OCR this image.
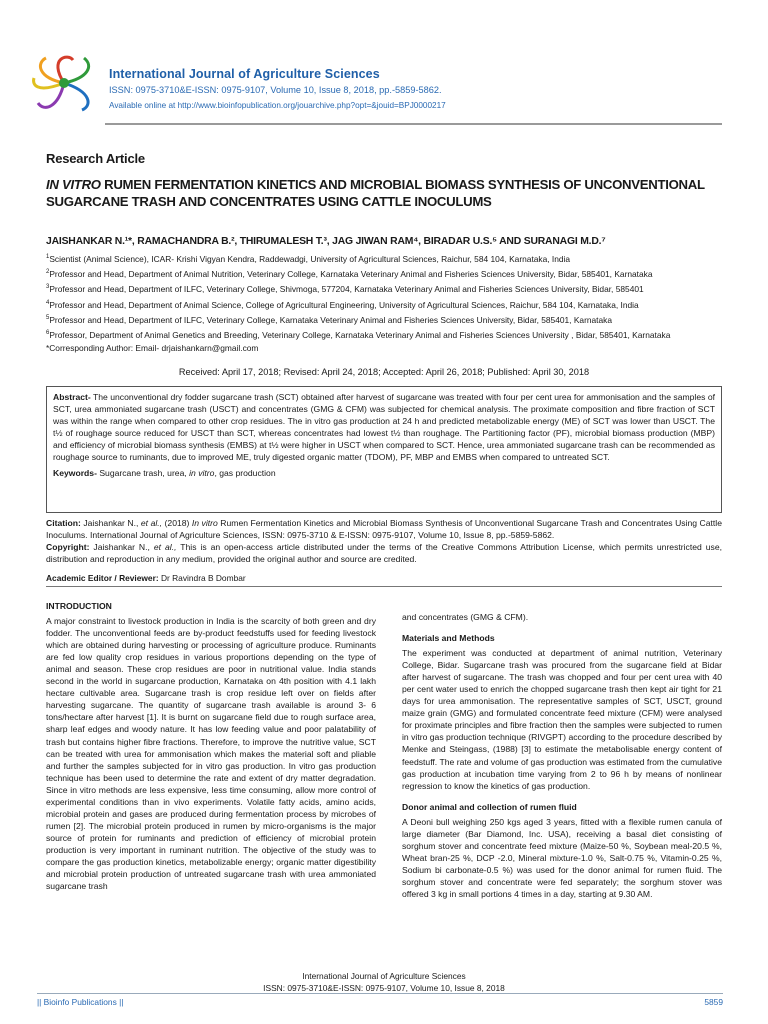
International Journal of Agriculture Sciences
ISSN: 0975-3710&E-ISSN: 0975-9107, Volume 10, Issue 8, 2018, pp.-5859-5862.
Available online at http://www.bioinfopublication.org/jouarchive.php?opt=&jouid=BPJ0000217
Research Article
IN VITRO RUMEN FERMENTATION KINETICS AND MICROBIAL BIOMASS SYNTHESIS OF UNCONVENTIONAL SUGARCANE TRASH AND CONCENTRATES USING CATTLE INOCULUMS
JAISHANKAR N.¹*, RAMACHANDRA B.², THIRUMALESH T.³, JAG JIWAN RAM⁴, BIRADAR U.S.⁵ AND SURANAGI M.D.⁷
$^1$Scientist (Animal Science), ICAR- Krishi Vigyan Kendra, Raddewadgi, University of Agricultural Sciences, Raichur, 584 104, Karnataka, India
$^2$Professor and Head, Department of Animal Nutrition, Veterinary College, Karnataka Veterinary Animal and Fisheries Sciences University, Bidar, 585401, Karnataka
$^3$Professor and Head, Department of ILFC, Veterinary College, Shivmoga, 577204, Karnataka Veterinary Animal and Fisheries Sciences University, Bidar, 585401
$^4$Professor and Head, Department of Animal Science, College of Agricultural Engineering, University of Agricultural Sciences, Raichur, 584 104, Karnataka, India
$^5$Professor and Head, Department of ILFC, Veterinary College, Karnataka Veterinary Animal and Fisheries Sciences University, Bidar, 585401, Karnataka
$^6$Professor, Department of Animal Genetics and Breeding, Veterinary College, Karnataka Veterinary Animal and Fisheries Sciences University , Bidar, 585401, Karnataka
*Corresponding Author: Email- drjaishankarn@gmail.com
Received: April 17, 2018; Revised: April 24, 2018; Accepted: April 26, 2018; Published: April 30, 2018
Abstract- The unconventional dry fodder sugarcane trash (SCT) obtained after harvest of sugarcane was treated with four per cent urea for ammonisation and the samples of SCT, urea ammoniated sugarcane trash (USCT) and concentrates (GMG & CFM) was subjected for chemical analysis. The proximate composition and fibre fraction of SCT was within the range when compared to other crop residues. The in vitro gas production at 24 h and predicted metabolizable energy (ME) of SCT was lower than USCT. The t½ of roughage source reduced for USCT than SCT, whereas concentrates had lowest t½ than roughage. The Partitioning factor (PF), microbial biomass production (MBP) and efficiency of microbial biomass synthesis (EMBS) at t½ were higher in USCT when compared to SCT. Hence, urea ammoniated sugarcane trash can be recommended as roughage source to ruminants, due to improved ME, truly digested organic matter (TDOM), PF, MBP and EMBS when compared to untreated SCT.
Keywords- Sugarcane trash, urea, in vitro, gas production
Citation: Jaishankar N., et al., (2018) In vitro Rumen Fermentation Kinetics and Microbial Biomass Synthesis of Unconventional Sugarcane Trash and Concentrates Using Cattle Inoculums. International Journal of Agriculture Sciences, ISSN: 0975-3710 & E-ISSN: 0975-9107, Volume 10, Issue 8, pp.-5859-5862.
Copyright: Jaishankar N., et al., This is an open-access article distributed under the terms of the Creative Commons Attribution License, which permits unrestricted use, distribution and reproduction in any medium, provided the original author and source are credited.
Academic Editor / Reviewer: Dr Ravindra B Dombar
INTRODUCTION
A major constraint to livestock production in India is the scarcity of both green and dry fodder. The unconventional feeds are by-product feedstuffs used for feeding livestock which are obtained during harvesting or processing of agriculture produce. Ruminants are fed low quality crop residues in various proportions depending on the type of animal and season. These crop residues are poor in nutritional value. India stands second in the world in sugarcane production, Karnataka on 4th position with 4.1 lakh hectare cultivable area. Sugarcane trash is crop residue left over on fields after harvesting sugarcane. The quantity of sugarcane trash available is around 3- 6 tons/hectare after harvest [1]. It is burnt on sugarcane field due to rough surface area, sharp leaf edges and woody nature. It has low feeding value and poor palatability of trash but contains higher fibre fractions. Therefore, to improve the nutritive value, SCT can be treated with urea for ammonisation which makes the material soft and pliable and further the samples subjected for in vitro gas production. In vitro gas production technique has been used to determine the rate and extent of dry matter degradation. Since in vitro methods are less expensive, less time consuming, allow more control of experimental conditions than in vivo experiments. Volatile fatty acids, amino acids, microbial protein and gases are produced during fermentation process by microbes of rumen [2]. The microbial protein produced in rumen by micro-organisms is the major source of protein for ruminants and prediction of efficiency of microbial protein production is very important in ruminant nutrition. The objective of the study was to compare the gas production kinetics, metabolizable energy; organic matter digestibility and microbial protein production of untreated sugarcane trash with urea ammoniated sugarcane trash
and concentrates (GMG & CFM).
Materials and Methods
The experiment was conducted at department of animal nutrition, Veterinary College, Bidar. Sugarcane trash was procured from the sugarcane field at Bidar after harvest of sugarcane. The trash was chopped and four per cent urea with 40 per cent water used to enrich the chopped sugarcane trash then kept air tight for 21 days for urea ammonisation. The representative samples of SCT, USCT, ground maize grain (GMG) and formulated concentrate feed mixture (CFM) were analysed for proximate principles and fibre fraction then the samples were subjected to rumen in vitro gas production technique (RIVGPT) according to the procedure described by Menke and Steingass, (1988) [3] to estimate the metabolisable energy content of feedstuff. The rate and volume of gas production was estimated from the cumulative gas production at incubation time varying from 2 to 96 h by means of nonlinear regression to know the kinetics of gas production.
Donor animal and collection of rumen fluid
A Deoni bull weighing 250 kgs aged 3 years, fitted with a flexible rumen canula of large diameter (Bar Diamond, Inc. USA), receiving a basal diet consisting of sorghum stover and concentrate feed mixture (Maize-50 %, Soybean meal-20.5 %, Wheat bran-25 %, DCP -2.0, Mineral mixture-1.0 %, Salt-0.75 %, Vitamin-0.25 %, Sodium bi carbonate-0.5 %) was used for the donor animal for rumen fluid. The sorghum stover and concentrate were fed separately; the sorghum stover was offered 3 kg in small portions 4 times in a day, starting at 9.30 AM.
International Journal of Agriculture Sciences
ISSN: 0975-3710&E-ISSN: 0975-9107, Volume 10, Issue 8, 2018
|| Bioinfo Publications ||	5859
